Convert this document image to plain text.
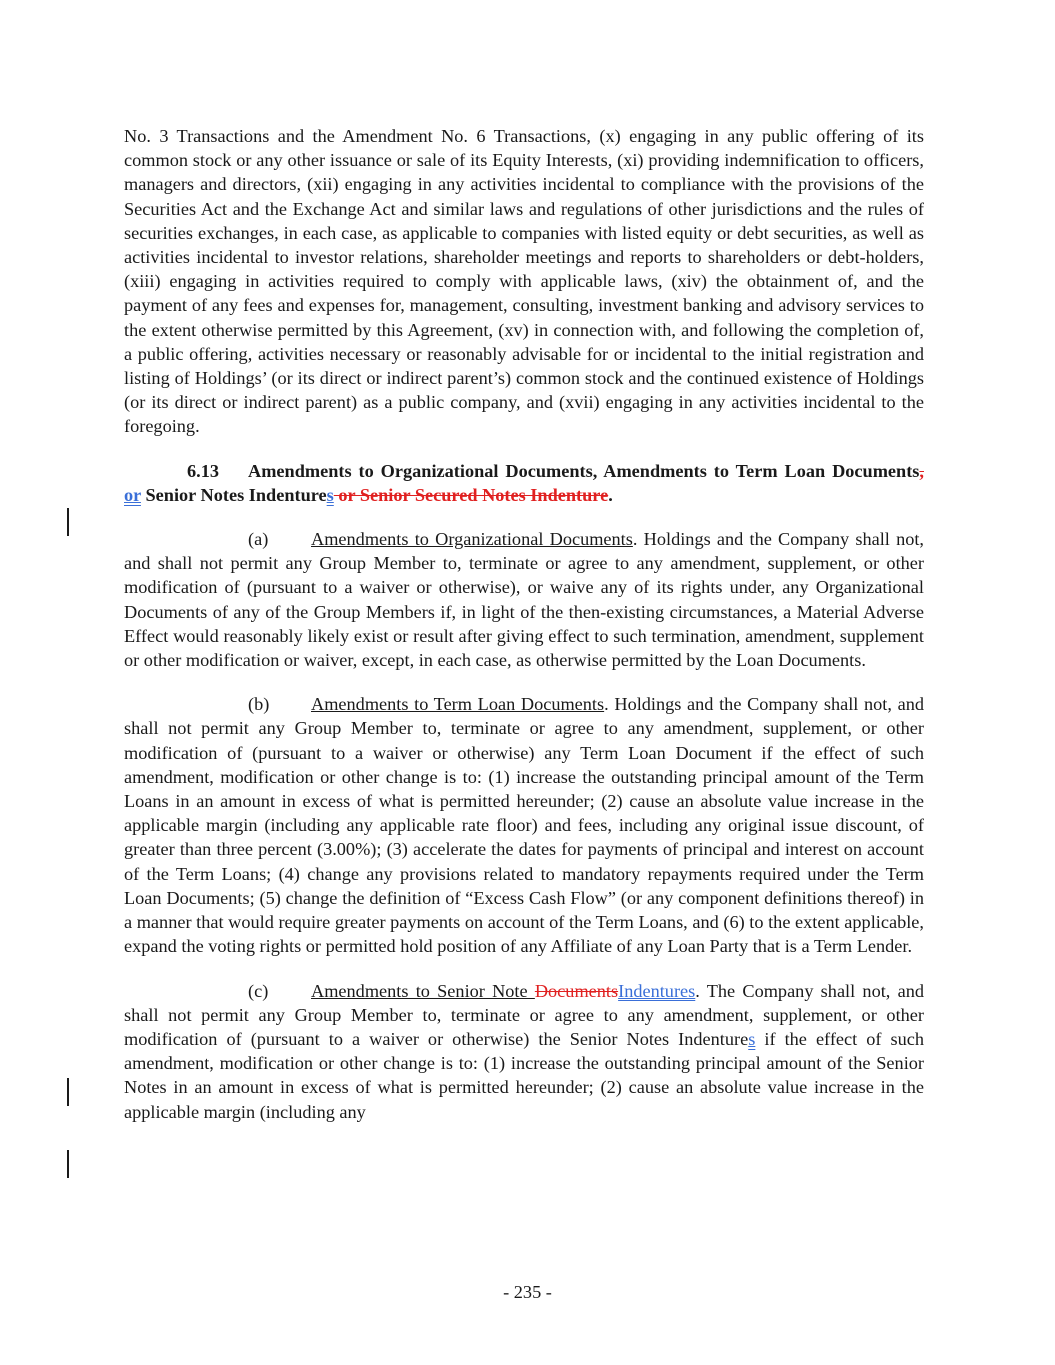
No. 3 Transactions and the Amendment No. 6 Transactions, (x) engaging in any public offering of its common stock or any other issuance or sale of its Equity Interests, (xi) providing indemnification to officers, managers and directors, (xii) engaging in any activities incidental to compliance with the provisions of the Securities Act and the Exchange Act and similar laws and regulations of other jurisdictions and the rules of securities exchanges, in each case, as applicable to companies with listed equity or debt securities, as well as activities incidental to investor relations, shareholder meetings and reports to shareholders or debt-holders, (xiii) engaging in activities required to comply with applicable laws, (xiv) the obtainment of, and the payment of any fees and expenses for, management, consulting, investment banking and advisory services to the extent otherwise permitted by this Agreement, (xv) in connection with, and following the completion of, a public offering, activities necessary or reasonably advisable for or incidental to the initial registration and listing of Holdings’ (or its direct or indirect parent’s) common stock and the continued existence of Holdings (or its direct or indirect parent) as a public company, and (xvii) engaging in any activities incidental to the foregoing.

6.13 Amendments to Organizational Documents, Amendments to Term Loan Documents, or Senior Notes Indentures or Senior Secured Notes Indenture.

(a) Amendments to Organizational Documents. Holdings and the Company shall not, and shall not permit any Group Member to, terminate or agree to any amendment, supplement, or other modification of (pursuant to a waiver or otherwise), or waive any of its rights under, any Organizational Documents of any of the Group Members if, in light of the then-existing circumstances, a Material Adverse Effect would reasonably likely exist or result after giving effect to such termination, amendment, supplement or other modification or waiver, except, in each case, as otherwise permitted by the Loan Documents.

(b) Amendments to Term Loan Documents. Holdings and the Company shall not, and shall not permit any Group Member to, terminate or agree to any amendment, supplement, or other modification of (pursuant to a waiver or otherwise) any Term Loan Document if the effect of such amendment, modification or other change is to: (1) increase the outstanding principal amount of the Term Loans in an amount in excess of what is permitted hereunder; (2) cause an absolute value increase in the applicable margin (including any applicable rate floor) and fees, including any original issue discount, of greater than three percent (3.00%); (3) accelerate the dates for payments of principal and interest on account of the Term Loans; (4) change any provisions related to mandatory repayments required under the Term Loan Documents; (5) change the definition of “Excess Cash Flow” (or any component definitions thereof) in a manner that would require greater payments on account of the Term Loans, and (6) to the extent applicable, expand the voting rights or permitted hold position of any Affiliate of any Loan Party that is a Term Lender.

(c) Amendments to Senior Note DocumentsIndentures. The Company shall not, and shall not permit any Group Member to, terminate or agree to any amendment, supplement, or other modification of (pursuant to a waiver or otherwise) the Senior Notes Indentures if the effect of such amendment, modification or other change is to: (1) increase the outstanding principal amount of the Senior Notes in an amount in excess of what is permitted hereunder; (2) cause an absolute value increase in the applicable margin (including any

- 235 -
